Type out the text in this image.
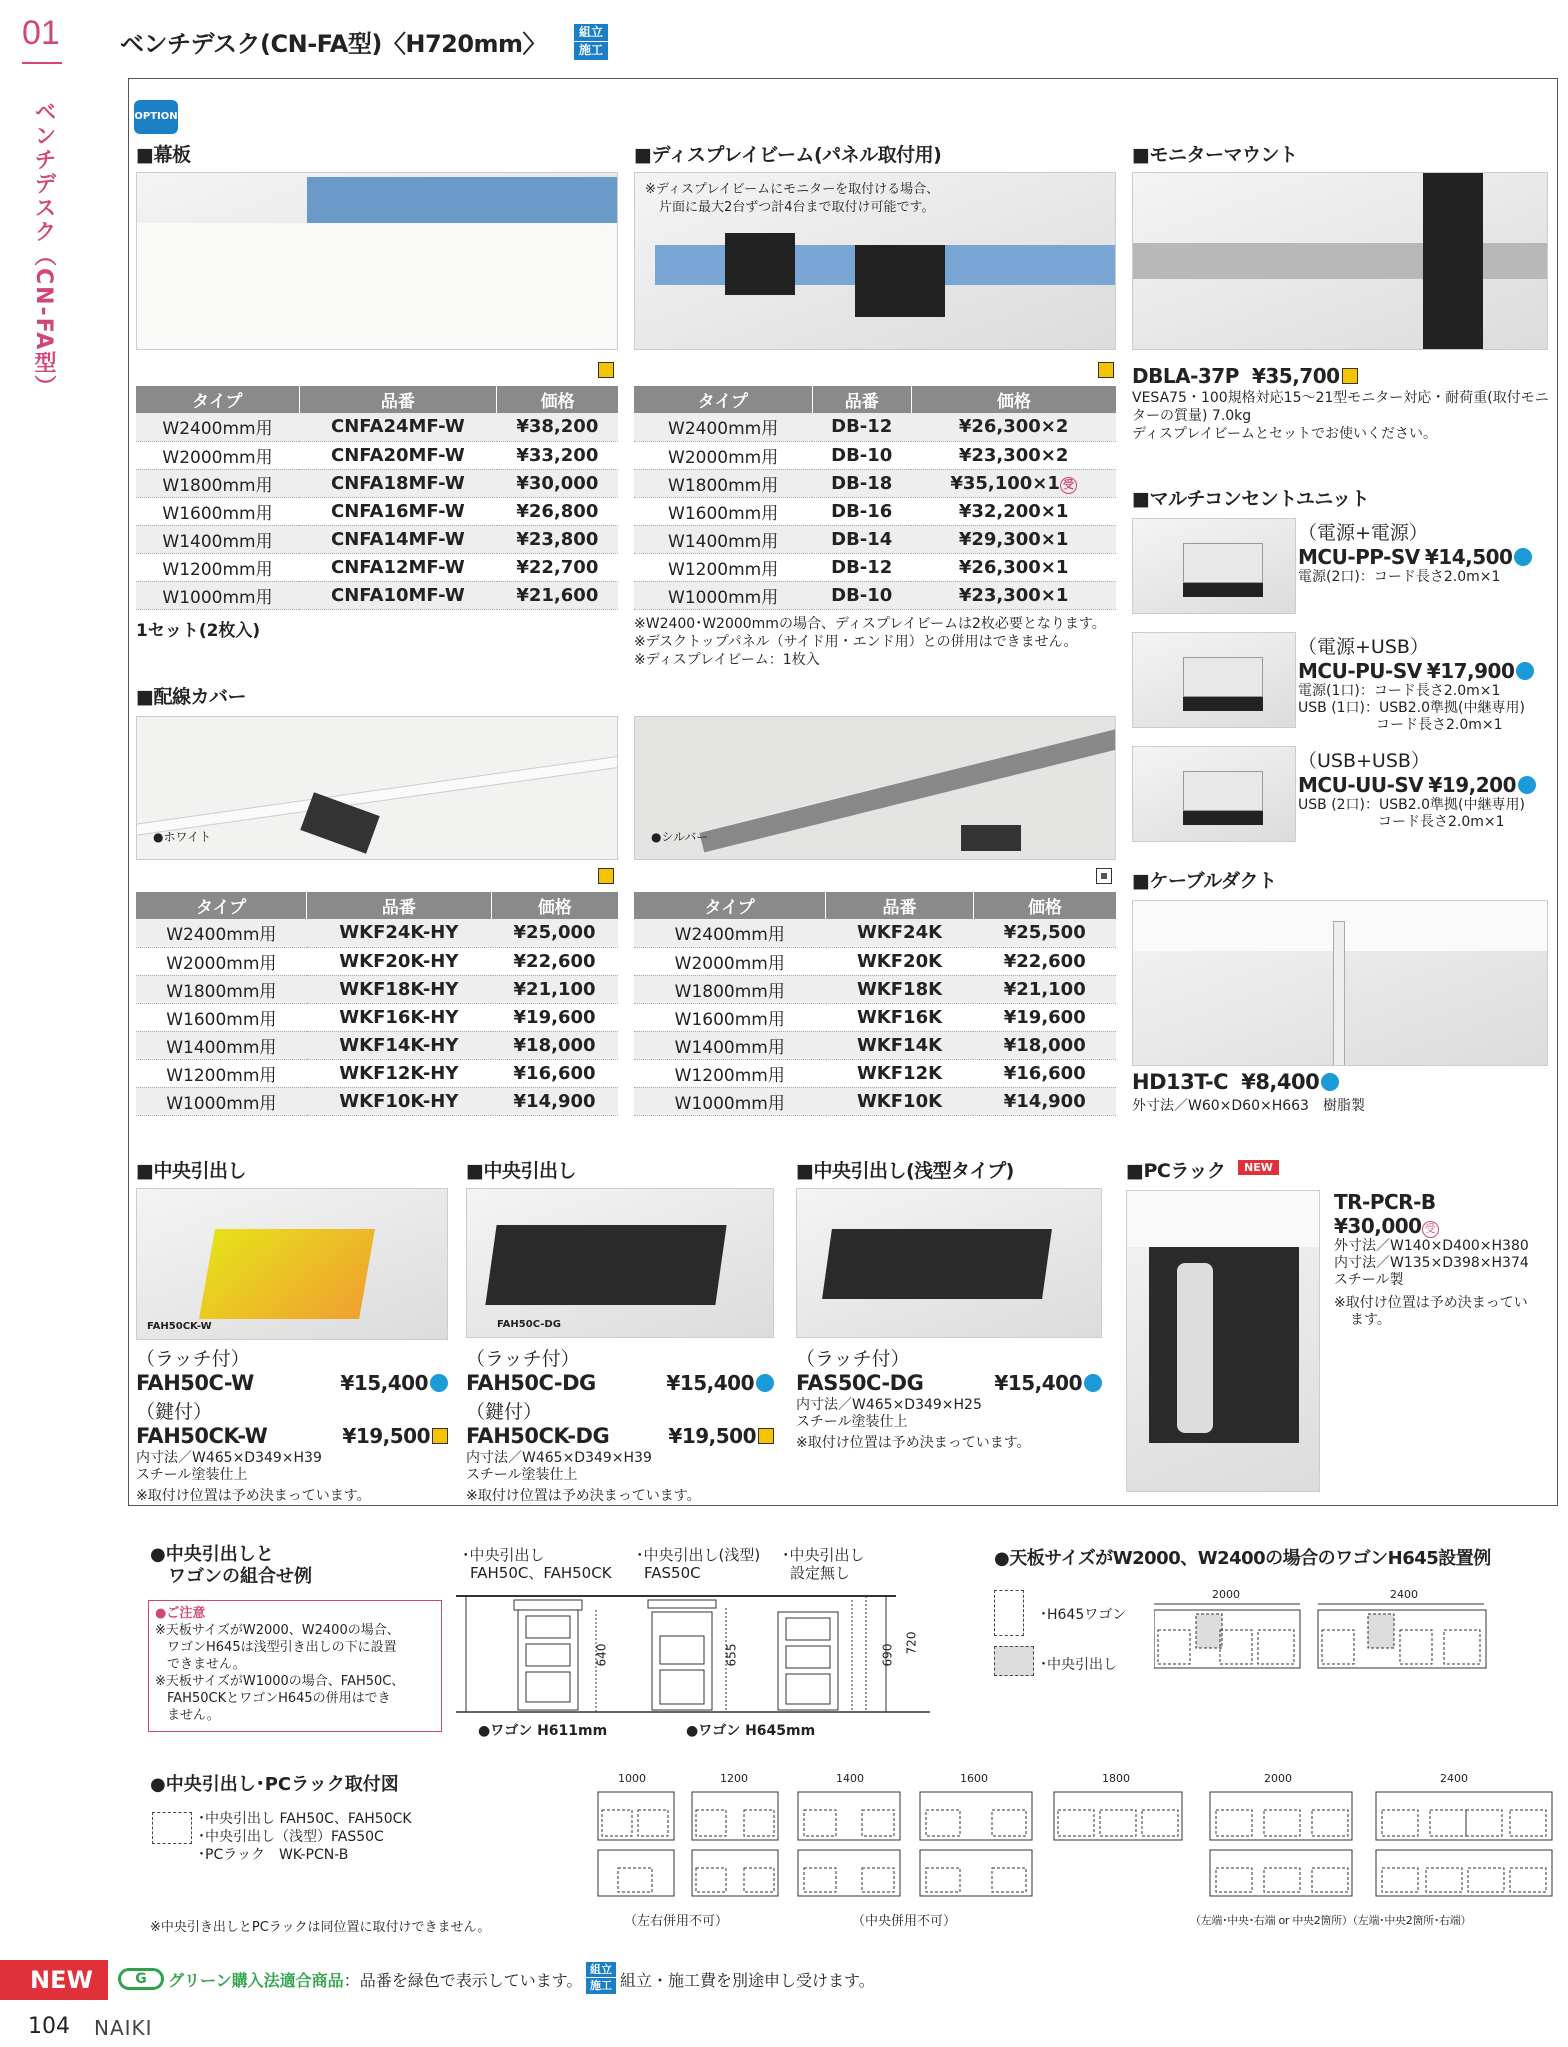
01	ベンチデスク(CN-FA型)〈H720mm〉	組立
施工
ベンチデスク（CN-FA型）	OPTION
■ 幕板
タイプ	品番	価格
W2400mm用	CNFA24MF-W	¥38,200
W2000mm用	CNFA20MF-W	¥33,200
W1800mm用	CNFA18MF-W	¥30,000
W1600mm用	CNFA16MF-W	¥26,800
W1400mm用	CNFA14MF-W	¥23,800
W1200mm用	CNFA12MF-W	¥22,700
W1000mm用	CNFA10MF-W	¥21,600
1セット(2枚入)
■ ディスプレイビーム(パネル取付用)
※ディスプレイビームにモニターを取付ける場合、
片面に最大2台ずつ計4台まで取付け可能です。
タイプ	品番	価格
W2400mm用	DB-12	¥26,300×2
W2000mm用	DB-10	¥23,300×2
W1800mm用	DB-18	¥35,100×1 受
W1600mm用	DB-16	¥32,200×1
W1400mm用	DB-14	¥29,300×1
W1200mm用	DB-12	¥26,300×1
W1000mm用	DB-10	¥23,300×1
※W2400･W2000mmの場合、ディスプレイビームは2枚必要となります。
※デスクトップパネル（サイド用・エンド用）との併用はできません。
※ディスプレイビーム：1枚入
■ モニターマウント
DBLA-37P ¥35,700
VESA75・100規格対応15～21型モニター対応・耐荷重(取付モニ
ターの質量) 7.0kg
ディスプレイビームとセットでお使いください。
■ マルチコンセントユニット
（電源+電源）
MCU-PP-SV ¥14,500
電源(2口)：コード長さ2.0m×1
（電源+USB）
MCU-PU-SV ¥17,900
電源(1口)：コード長さ2.0m×1
USB (1口)：USB2.0準拠(中継専用)
コード長さ2.0m×1
（USB+USB）
MCU-UU-SV ¥19,200
USB (2口)：USB2.0準拠(中継専用)
コード長さ2.0m×1
■ ケーブルダクト
HD13T-C ¥8,400
外寸法／W60×D60×H663　樹脂製
■ 配線カバー
●ホワイト	●シルバー
タイプ	品番	価格
W2400mm用	WKF24K-HY	¥25,000
W2000mm用	WKF20K-HY	¥22,600
W1800mm用	WKF18K-HY	¥21,100
W1600mm用	WKF16K-HY	¥19,600
W1400mm用	WKF14K-HY	¥18,000
W1200mm用	WKF12K-HY	¥16,600
W1000mm用	WKF10K-HY	¥14,900
タイプ	品番	価格
W2400mm用	WKF24K	¥25,500
W2000mm用	WKF20K	¥22,600
W1800mm用	WKF18K	¥21,100
W1600mm用	WKF16K	¥19,600
W1400mm用	WKF14K	¥18,000
W1200mm用	WKF12K	¥16,600
W1000mm用	WKF10K	¥14,900
■ 中央引出し
FAH50CK-W
■ 中央引出し
FAH50C-DG
■ 中央引出し(浅型タイプ)
（ラッチ付）
FAH50C-W	¥15,400
（鍵付）
FAH50CK-W	¥19,500
内寸法／W465×D349×H39
スチール塗装仕上
※取付け位置は予め決まっています。
（ラッチ付）
FAH50C-DG	¥15,400
（鍵付）
FAH50CK-DG	¥19,500
内寸法／W465×D349×H39
スチール塗装仕上
※取付け位置は予め決まっています。
（ラッチ付）
FAS50C-DG	¥15,400
内寸法／W465×D349×H25
スチール塗装仕上
※取付け位置は予め決まっています。
■ PCラック	NEW
TR-PCR-B
¥30,000 受
外寸法／W140×D400×H380
内寸法／W135×D398×H374
スチール製
※取付け位置は予め決まってい
ます。
●中央引出しと
ワゴンの組合せ例
●ご注意
※天板サイズがW2000、W2400の場合、
ワゴンH645は浅型引き出しの下に設置
できません。
※天板サイズがW1000の場合、FAH50C、
FAH50CKとワゴンH645の併用はでき
ません。
･中央引出し
FAH50C、FAH50CK
･中央引出し(浅型)
FAS50C
･中央引出し
設定無し
640	655	690
720
●ワゴン H611mm	●ワゴン H645mm
●天板サイズがW2000、W2400の場合のワゴンH645設置例
･H645ワゴン
･中央引出し
2000	2400
●中央引出し･PCラック取付図
･中央引出し FAH50C、FAH50CK
･中央引出し（浅型）FAS50C
･PCラック　WK-PCN-B
※中央引き出しとPCラックは同位置に取付けできません。
1000	1200	1400	1600	1800	2000	2400
（左右併用不可）	（中央併用不可）	（左端･中央･右端 or 中央2箇所）（左端･中央2箇所･右端）
NEW	G	グリーン購入法適合商品：品番を緑色で表示しています。
組立
施工 組立・施工費を別途申し受けます。
104 NAIKI
